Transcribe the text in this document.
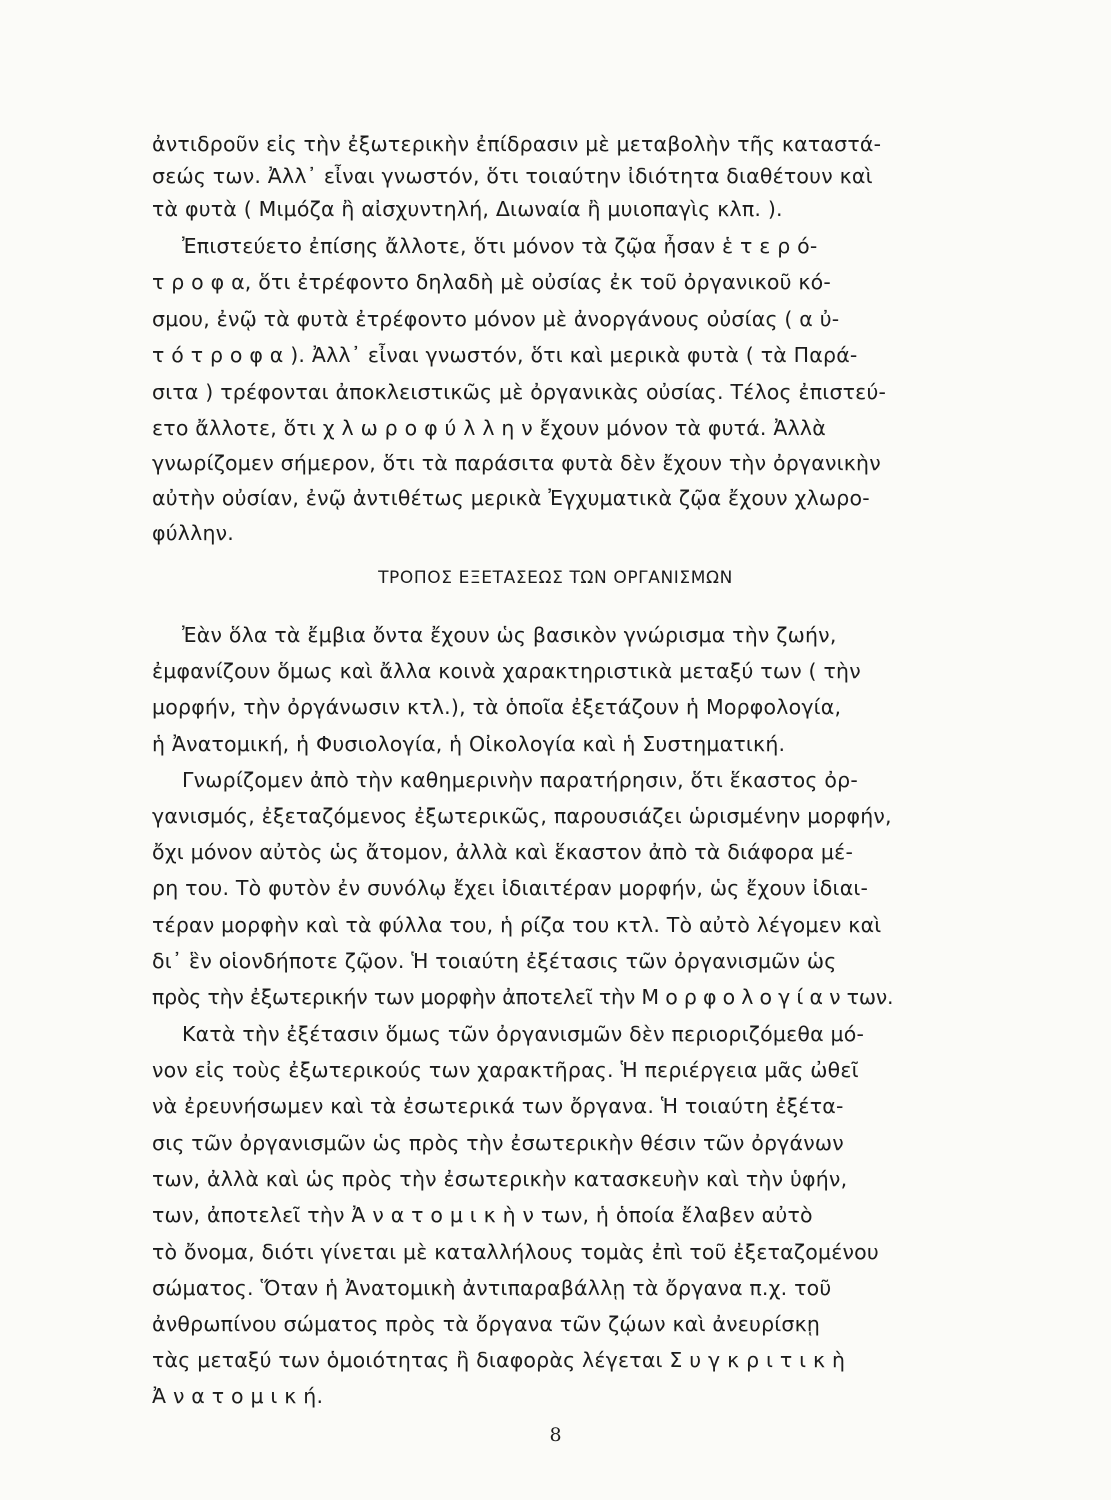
ἀντιδροῦν εἰς τὴν ἐξωτερικὴν ἐπίδρασιν μὲ μεταβολὴν τῆς καταστά-
σεώς των. Ἀλλ᾿ εἶναι γνωστόν, ὅτι τοιαύτην ἰδιότητα διαθέτουν καὶ
τὰ φυτὰ ( Μιμόζα ἢ αἰσχυντηλή, Διωναία ἢ μυιοπαγὶς κλπ. ).
Ἐπιστεύετο ἐπίσης ἄλλοτε, ὅτι μόνον τὰ ζῷα ἦσαν ἑ τ ε ρ ό-
τ ρ ο φ α, ὅτι ἐτρέφοντο δηλαδὴ μὲ οὐσίας ἐκ τοῦ ὀργανικοῦ κό-
σμου, ἐνῷ τὰ φυτὰ ἐτρέφοντο μόνον μὲ ἀνοργάνους οὐσίας ( α ὐ-
τ ό τ ρ ο φ α ). Ἀλλ᾿ εἶναι γνωστόν, ὅτι καὶ μερικὰ φυτὰ ( τὰ Παρά-
σιτα ) τρέφονται ἀποκλειστικῶς μὲ ὀργανικὰς οὐσίας. Τέλος ἐπιστεύ-
ετο ἄλλοτε, ὅτι χ λ ω ρ ο φ ύ λ λ η ν ἔχουν μόνον τὰ φυτά. Ἀλλὰ
γνωρίζομεν σήμερον, ὅτι τὰ παράσιτα φυτὰ δὲν ἔχουν τὴν ὀργανικὴν
αὐτὴν οὐσίαν, ἐνῷ ἀντιθέτως μερικὰ Ἐγχυματικὰ ζῷα ἔχουν χλωρο-
φύλλην.
Ἐὰν ὅλα τὰ ἔμβια ὄντα ἔχουν ὡς βασικὸν γνώρισμα τὴν ζωήν,
ἐμφανίζουν ὅμως καὶ ἄλλα κοινὰ χαρακτηριστικὰ μεταξύ των ( τὴν
μορφήν, τὴν ὀργάνωσιν κτλ.), τὰ ὁποῖα ἐξετάζουν ἡ Μορφολογία,
ἡ Ἀνατομική, ἡ Φυσιολογία, ἡ Οἰκολογία καὶ ἡ Συστηματική.
Γνωρίζομεν ἀπὸ τὴν καθημερινὴν παρατήρησιν, ὅτι ἕκαστος ὀρ-
γανισμός, ἐξεταζόμενος ἐξωτερικῶς, παρουσιάζει ὡρισμένην μορφήν,
ὄχι μόνον αὐτὸς ὡς ἄτομον, ἀλλὰ καὶ ἕκαστον ἀπὸ τὰ διάφορα μέ-
ρη του. Τὸ φυτὸν ἐν συνόλῳ ἔχει ἰδιαιτέραν μορφήν, ὡς ἔχουν ἰδιαι-
τέραν μορφὴν καὶ τὰ φύλλα του, ἡ ρίζα του κτλ. Τὸ αὐτὸ λέγομεν καὶ
δι᾿ ἓν οἱονδήποτε ζῷον. Ἡ τοιαύτη ἐξέτασις τῶν ὀργανισμῶν ὡς
πρὸς τὴν ἐξωτερικήν των μορφὴν ἀποτελεῖ τὴν Μ ο ρ φ ο λ ο γ ί α ν των.
Κατὰ τὴν ἐξέτασιν ὅμως τῶν ὀργανισμῶν δὲν περιοριζόμεθα μό-
νον εἰς τοὺς ἐξωτερικούς των χαρακτῆρας. Ἡ περιέργεια μᾶς ὠθεῖ
νὰ ἐρευνήσωμεν καὶ τὰ ἐσωτερικά των ὄργανα. Ἡ τοιαύτη ἐξέτα-
σις τῶν ὀργανισμῶν ὡς πρὸς τὴν ἐσωτερικὴν θέσιν τῶν ὀργάνων
των, ἀλλὰ καὶ ὡς πρὸς τὴν ἐσωτερικὴν κατασκευὴν καὶ τὴν ὑφήν,
των, ἀποτελεῖ τὴν Ἀ ν α τ ο μ ι κ ὴ ν των, ἡ ὁποία ἔλαβεν αὐτὸ
τὸ ὄνομα, διότι γίνεται μὲ καταλλήλους τομὰς ἐπὶ τοῦ ἐξεταζομένου
σώματος. Ὅταν ἡ Ἀνατομικὴ ἀντιπαραβάλλῃ τὰ ὄργανα π.χ. τοῦ
ἀνθρωπίνου σώματος πρὸς τὰ ὄργανα τῶν ζῴων καὶ ἀνευρίσκῃ
τὰς μεταξύ των ὁμοιότητας ἢ διαφορὰς λέγεται Σ υ γ κ ρ ι τ ι κ ὴ
Ἀ ν α τ ο μ ι κ ή.
ΤΡΟΠΟΣ ΕΞΕΤΑΣΕΩΣ ΤΩΝ ΟΡΓΑΝΙΣΜΩΝ
8
